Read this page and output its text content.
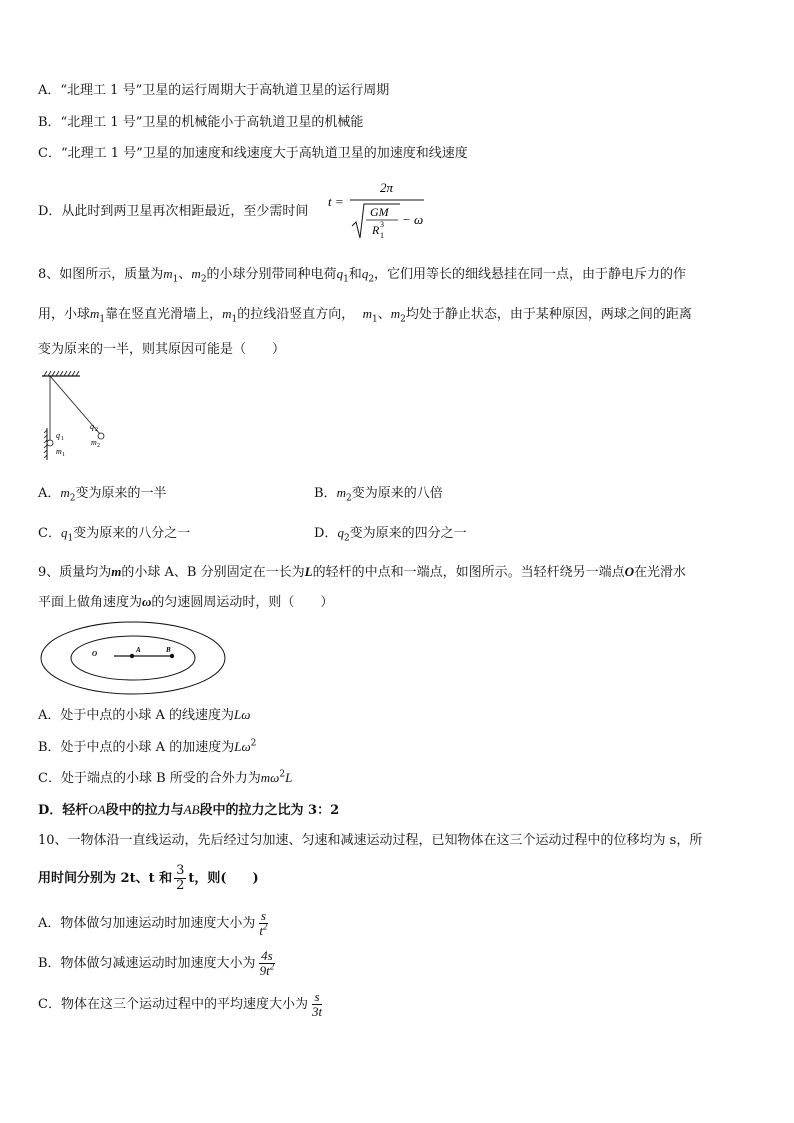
A．“北理工 1 号”卫星的运行周期大于高轨道卫星的运行周期
B．“北理工 1 号”卫星的机械能小于高轨道卫星的机械能
C．“北理工 1 号”卫星的加速度和线速度大于高轨道卫星的加速度和线速度
D．从此时到两卫星再次相距最近，至少需时间
t =
2π
GM
R 1
3 − ω
8、如图所示，质量为$m_1$、$m_2$的小球分别带同种电荷$q_1$和$q_2$，它们用等长的细线悬挂在同一点，由于静电斥力的作
用，小球$m_1$靠在竖直光滑墙上，$m_1$的拉线沿竖直方向， $m_1$、$m_2$均处于静止状态，由于某种原因，两球之间的距离
变为原来的一半，则其原因可能是（　　）
q 1
m 1
q 2
m 2
A．$m_2$变为原来的一半	B．$m_2$变为原来的八倍
C．$q_1$变为原来的八分之一	D．$q_2$变为原来的四分之一
9、质量均为m的小球 A、B 分别固定在一长为L的轻杆的中点和一端点，如图所示。当轻杆绕另一端点O在光滑水
平面上做角速度为ω的匀速圆周运动时，则（　　）
O	A	B
A．处于中点的小球 A 的线速度为Lω
B．处于中点的小球 A 的加速度为$L\omega^2$
C．处于端点的小球 B 所受的合外力为$m\omega^2L$
D．轻杆OA段中的拉力与AB段中的拉力之比为 3：2
10、一物体沿一直线运动，先后经过匀加速、匀速和减速运动过程，已知物体在这三个运动过程中的位移均为 s，所
用时间分别为 2t、t 和 $\frac{3}{2}$ t，则(　　)
A．物体做匀加速运动时加速度大小为 $\frac{s}{t^2}$
B．物体做匀减速运动时加速度大小为 $\frac{4s}{9t^2}$
C．物体在这三个运动过程中的平均速度大小为 $\frac{s}{3t}$
